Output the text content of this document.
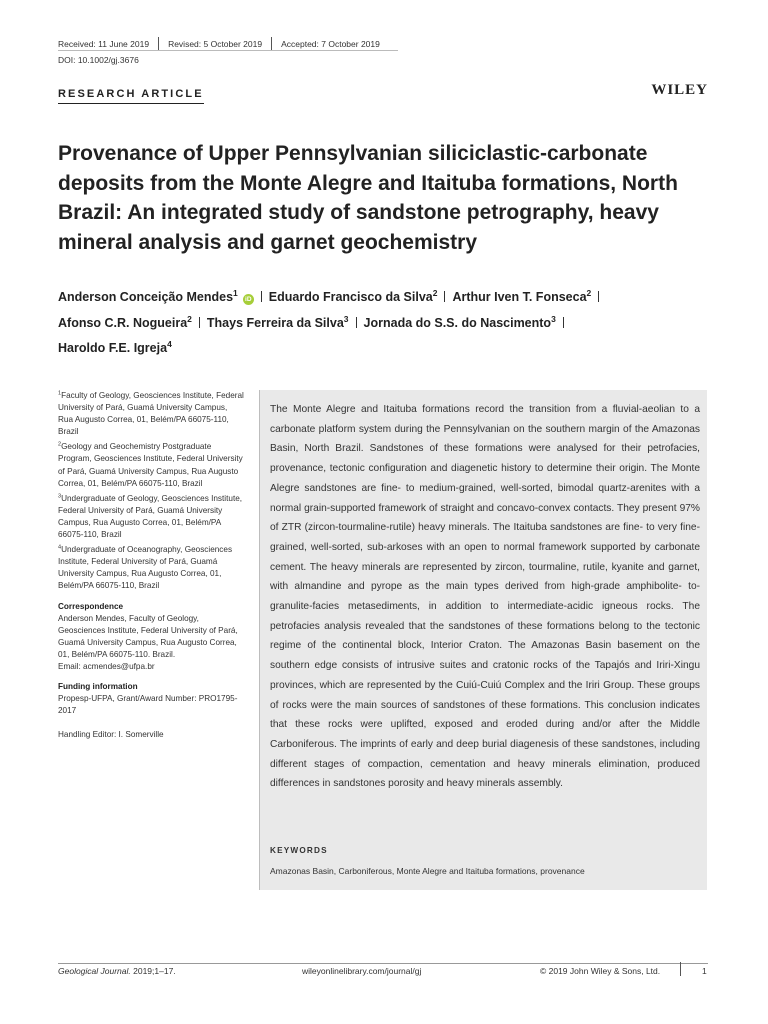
Received: 11 June 2019 Revised: 5 October 2019 Accepted: 7 October 2019
DOI: 10.1002/gj.3676
RESEARCH ARTICLE	WILEY
Provenance of Upper Pennsylvanian siliciclastic-carbonate deposits from the Monte Alegre and Itaituba formations, North Brazil: An integrated study of sandstone petrography, heavy mineral analysis and garnet geochemistry
Anderson Conceição Mendes$^1$iD Eduardo Francisco da Silva$^2$ Arthur Iven T. Fonseca$^2$
Afonso C.R. Nogueira$^2$ Thays Ferreira da Silva$^3$ Jornada do S.S. do Nascimento$^3$
Haroldo F.E. Igreja$^4$
$^1$Faculty of Geology, Geosciences Institute, Federal University of Pará, Guamá University Campus, Rua Augusto Correa, 01, Belém/PA 66075-110, Brazil
$^2$Geology and Geochemistry Postgraduate Program, Geosciences Institute, Federal University of Pará, Guamá University Campus, Rua Augusto Correa, 01, Belém/PA 66075-110, Brazil
$^3$Undergraduate of Geology, Geosciences Institute, Federal University of Pará, Guamá University Campus, Rua Augusto Correa, 01, Belém/PA 66075-110, Brazil
$^4$Undergraduate of Oceanography, Geosciences Institute, Federal University of Pará, Guamá University Campus, Rua Augusto Correa, 01, Belém/PA 66075-110, Brazil
Correspondence
Anderson Mendes, Faculty of Geology, Geosciences Institute, Federal University of Pará, Guamá University Campus, Rua Augusto Correa, 01, Belém/PA 66075-110. Brazil.
Email: acmendes@ufpa.br
Funding information
Propesp-UFPA, Grant/Award Number: PRO1795-2017
Handling Editor: I. Somerville
The Monte Alegre and Itaituba formations record the transition from a fluvial-aeolian to a carbonate platform system during the Pennsylvanian on the southern margin of the Amazonas Basin, North Brazil. Sandstones of these formations were analysed for their petrofacies, provenance, tectonic configuration and diagenetic history to determine their origin. The Monte Alegre sandstones are fine- to medium-grained, well-sorted, bimodal quartz-arenites with a normal grain-supported framework of straight and concavo-convex contacts. They present 97% of ZTR (zircon-tourmaline-rutile) heavy minerals. The Itaituba sandstones are fine- to very fine-grained, well-sorted, sub-arkoses with an open to normal framework supported by carbonate cement. The heavy minerals are represented by zircon, tourmaline, rutile, kyanite and garnet, with almandine and pyrope as the main types derived from high-grade amphibolite- to- granulite-facies metasediments, in addition to intermediate-acidic igneous rocks. The petrofacies analysis revealed that the sandstones of these formations belong to the tectonic regime of the continental block, Interior Craton. The Amazonas Basin basement on the southern edge consists of intrusive suites and cratonic rocks of the Tapajós and Iriri-Xingu provinces, which are represented by the Cuiú-Cuiú Complex and the Iriri Group. These groups of rocks were the main sources of sandstones of these formations. This conclusion indicates that these rocks were uplifted, exposed and eroded during and/or after the Middle Carboniferous. The imprints of early and deep burial diagenesis of these sandstones, including different stages of compaction, cementation and heavy minerals elimination, produced differences in sandstones porosity and heavy minerals assembly.
KEYWORDS
Amazonas Basin, Carboniferous, Monte Alegre and Itaituba formations, provenance
Geological Journal. 2019;1–17.	wileyonlinelibrary.com/journal/gj	© 2019 John Wiley & Sons, Ltd.	1
